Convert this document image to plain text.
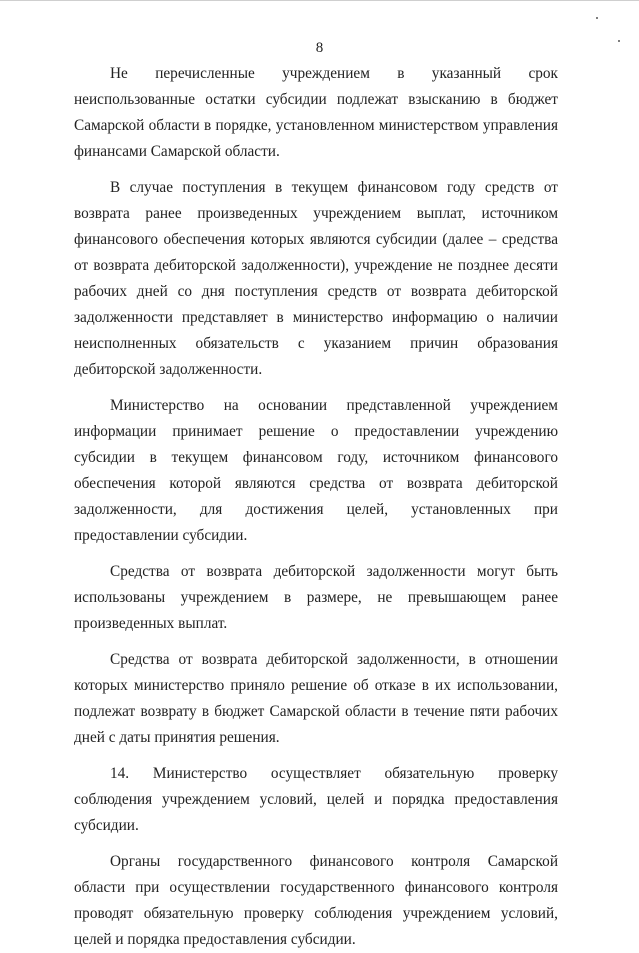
8

Не перечисленные учреждением в указанный срок неиспользованные остатки субсидии подлежат взысканию в бюджет Самарской области в порядке, установленном министерством управления финансами Самарской области.

В случае поступления в текущем финансовом году средств от возврата ранее произведенных учреждением выплат, источником финансового обеспечения которых являются субсидии (далее – средства от возврата дебиторской задолженности), учреждение не позднее десяти рабочих дней со дня поступления средств от возврата дебиторской задолженности представляет в министерство информацию о наличии неисполненных обязательств с указанием причин образования дебиторской задолженности.

Министерство на основании представленной учреждением информации принимает решение о предоставлении учреждению субсидии в текущем финансовом году, источником финансового обеспечения которой являются средства от возврата дебиторской задолженности, для достижения целей, установленных при предоставлении субсидии.

Средства от возврата дебиторской задолженности могут быть использованы учреждением в размере, не превышающем ранее произведенных выплат.

Средства от возврата дебиторской задолженности, в отношении которых министерство приняло решение об отказе в их использовании, подлежат возврату в бюджет Самарской области в течение пяти рабочих дней с даты принятия решения.

14. Министерство осуществляет обязательную проверку соблюдения учреждением условий, целей и порядка предоставления субсидии.

Органы государственного финансового контроля Самарской области при осуществлении государственного финансового контроля проводят обязательную проверку соблюдения учреждением условий, целей и порядка предоставления субсидии.
